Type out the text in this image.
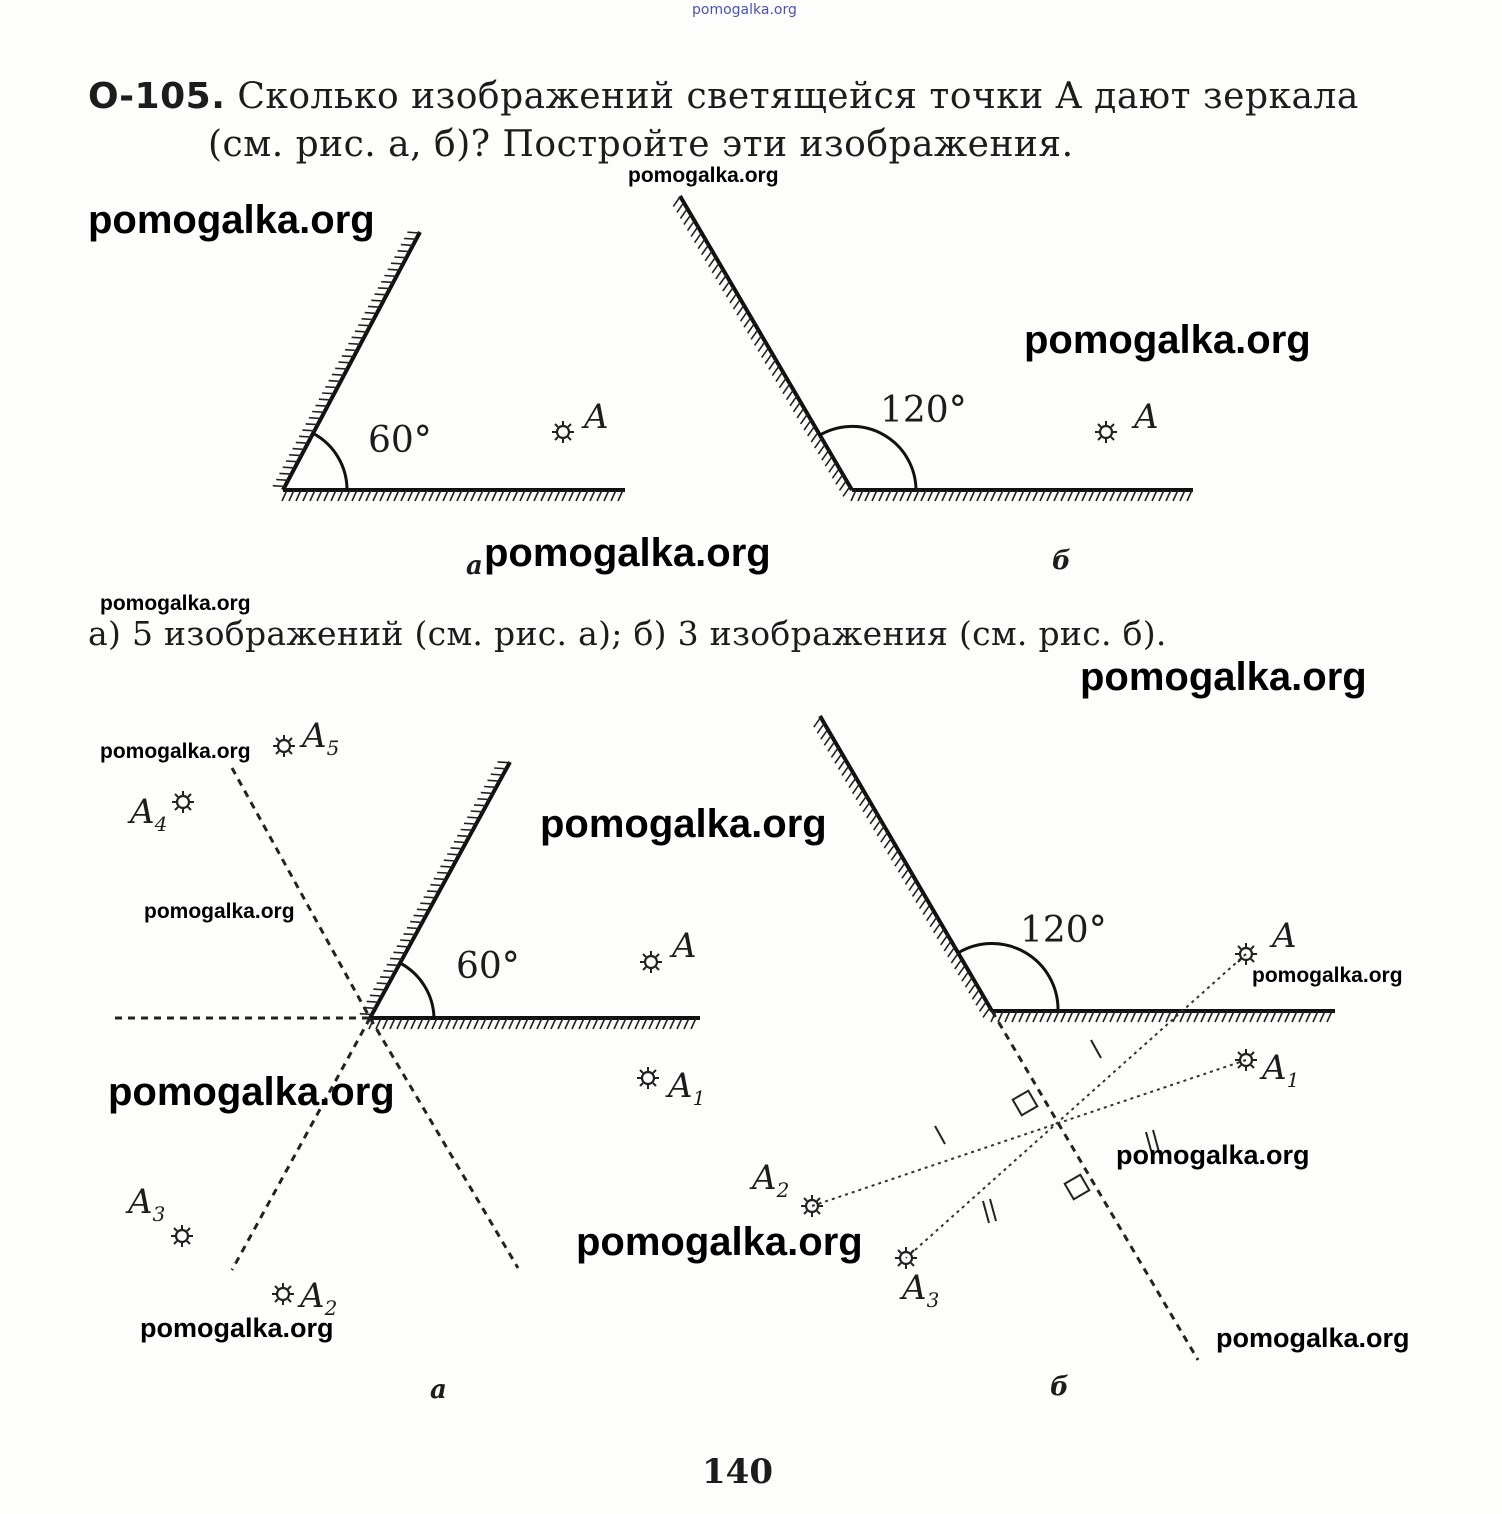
pomogalka.org
pomogalka.org
pomogalka.org
pomogalka.org
pomogalka.org
pomogalka.org
pomogalka.org
pomogalka.org
pomogalka.org
pomogalka.org
pomogalka.org
pomogalka.org
pomogalka.org
pomogalka.org
pomogalka.org	pomogalka.org
О-105. Сколько изображений светящейся точки A дают зеркала
(см. рис. а, б)? Постройте эти изображения.
60°
A
а
120°	A
б
а) 5 изображений (см. рис. а); б) 3 изображения (см. рис. б).
60°	A
$A_1$
$A_2$
$A_3$
$A_4$
$A_5$
а
120°	A
$A_1$
$A_2$
$A_3$
б
140
